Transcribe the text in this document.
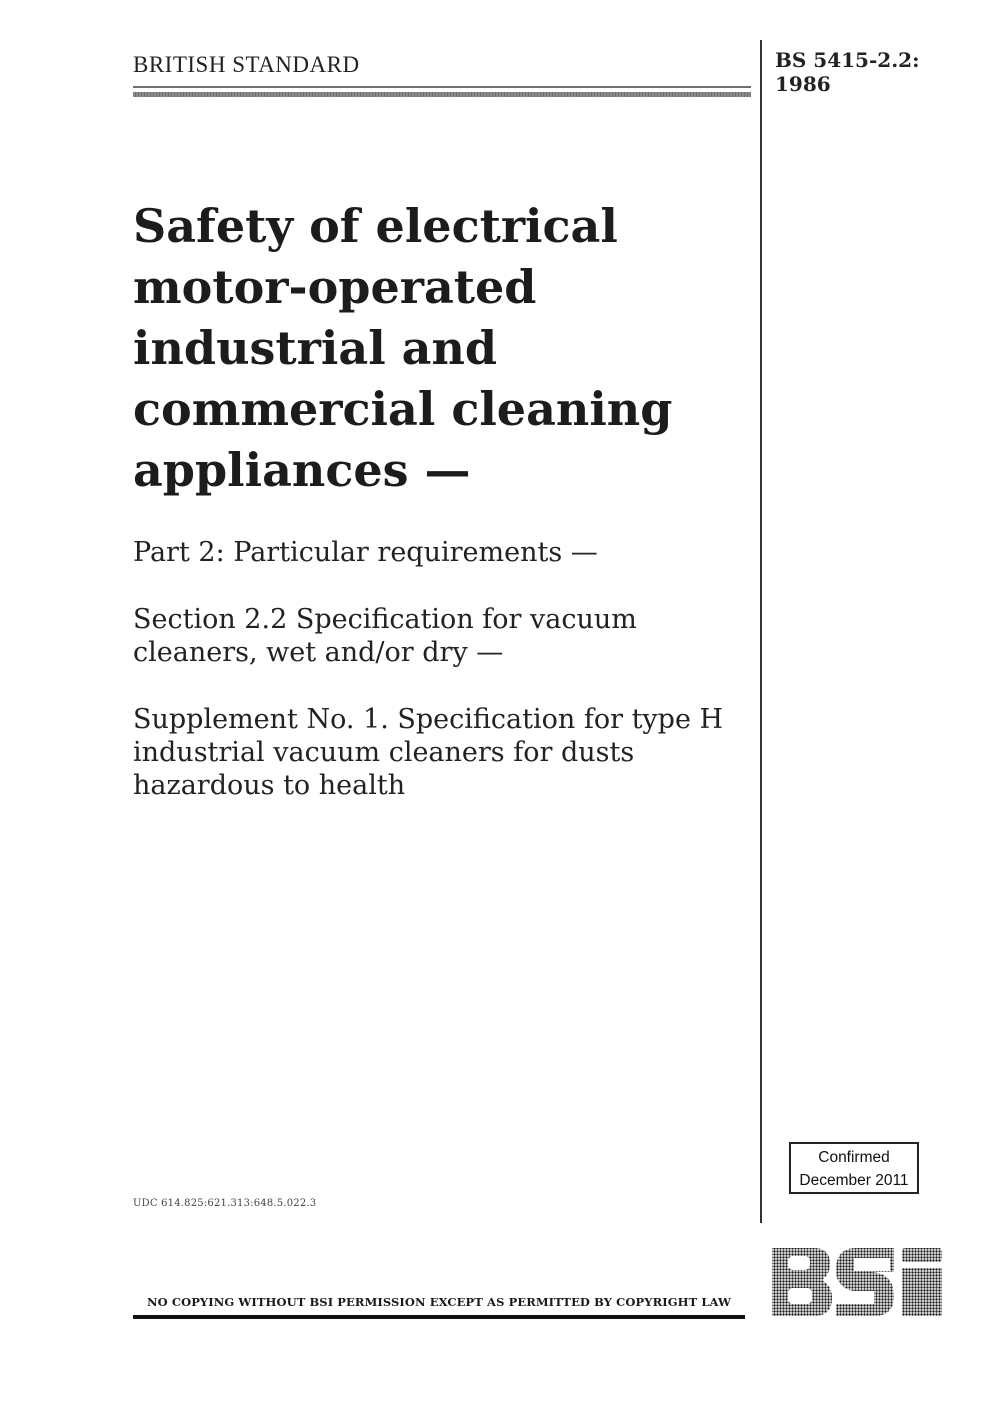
BRITISH STANDARD	BS 5415-2.2:
1986
Safety of electrical
motor-operated
industrial and
commercial cleaning
appliances —
Part 2: Particular requirements —
Section 2.2 Specification for vacuum cleaners, wet and/or dry —
Supplement No. 1. Specification for type H industrial vacuum cleaners for dusts hazardous to health
UDC 614.825:621.313:648.5.022.3
Confirmed
December 2011
NO COPYING WITHOUT BSI PERMISSION EXCEPT AS PERMITTED BY COPYRIGHT LAW
